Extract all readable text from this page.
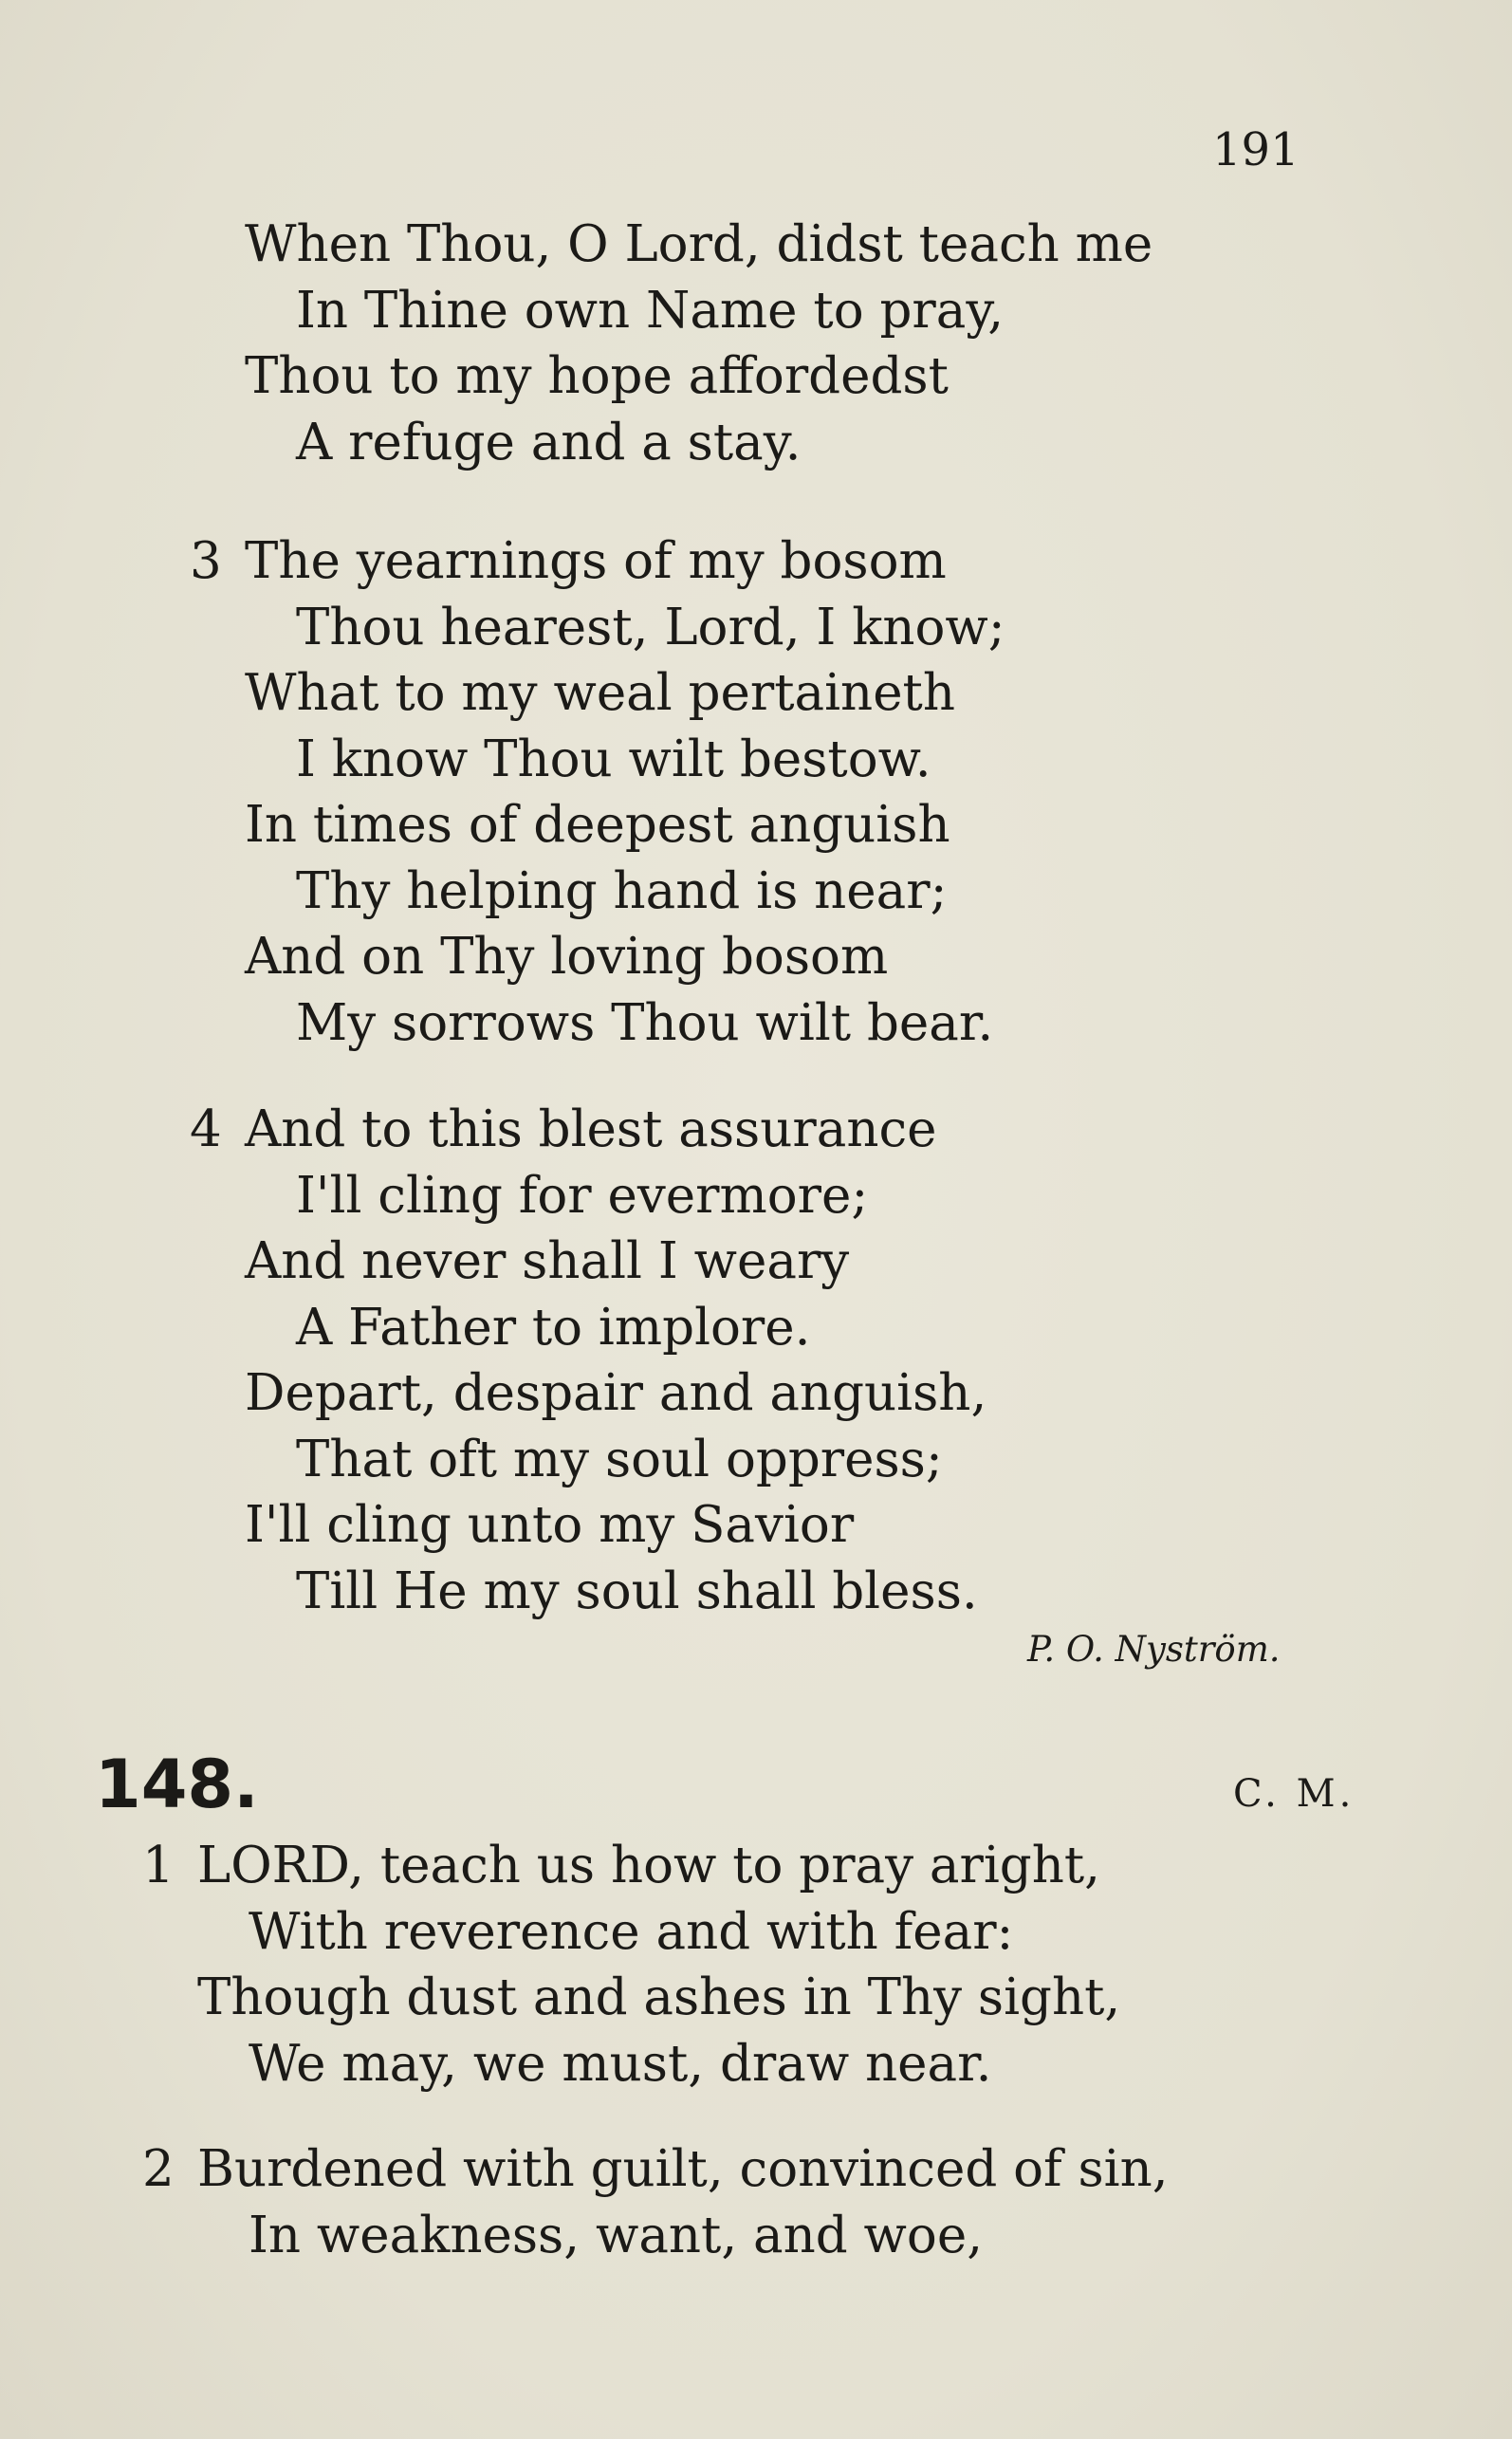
191
When Thou, O Lord, didst teach me
In Thine own Name to pray,
Thou to my hope affordedst
A refuge and a stay.
3 The yearnings of my bosom
Thou hearest, Lord, I know;
What to my weal pertaineth
I know Thou wilt bestow.
In times of deepest anguish
Thy helping hand is near;
And on Thy loving bosom
My sorrows Thou wilt bear.
4 And to this blest assurance
I'll cling for evermore;
And never shall I weary
A Father to implore.
Depart, despair and anguish,
That oft my soul oppress;
I'll cling unto my Savior
Till He my soul shall bless.
P. O. Nyström.
148.	C. M.
1 LORD, teach us how to pray aright,
With reverence and with fear:
Though dust and ashes in Thy sight,
We may, we must, draw near.
2 Burdened with guilt, convinced of sin,
In weakness, want, and woe,
